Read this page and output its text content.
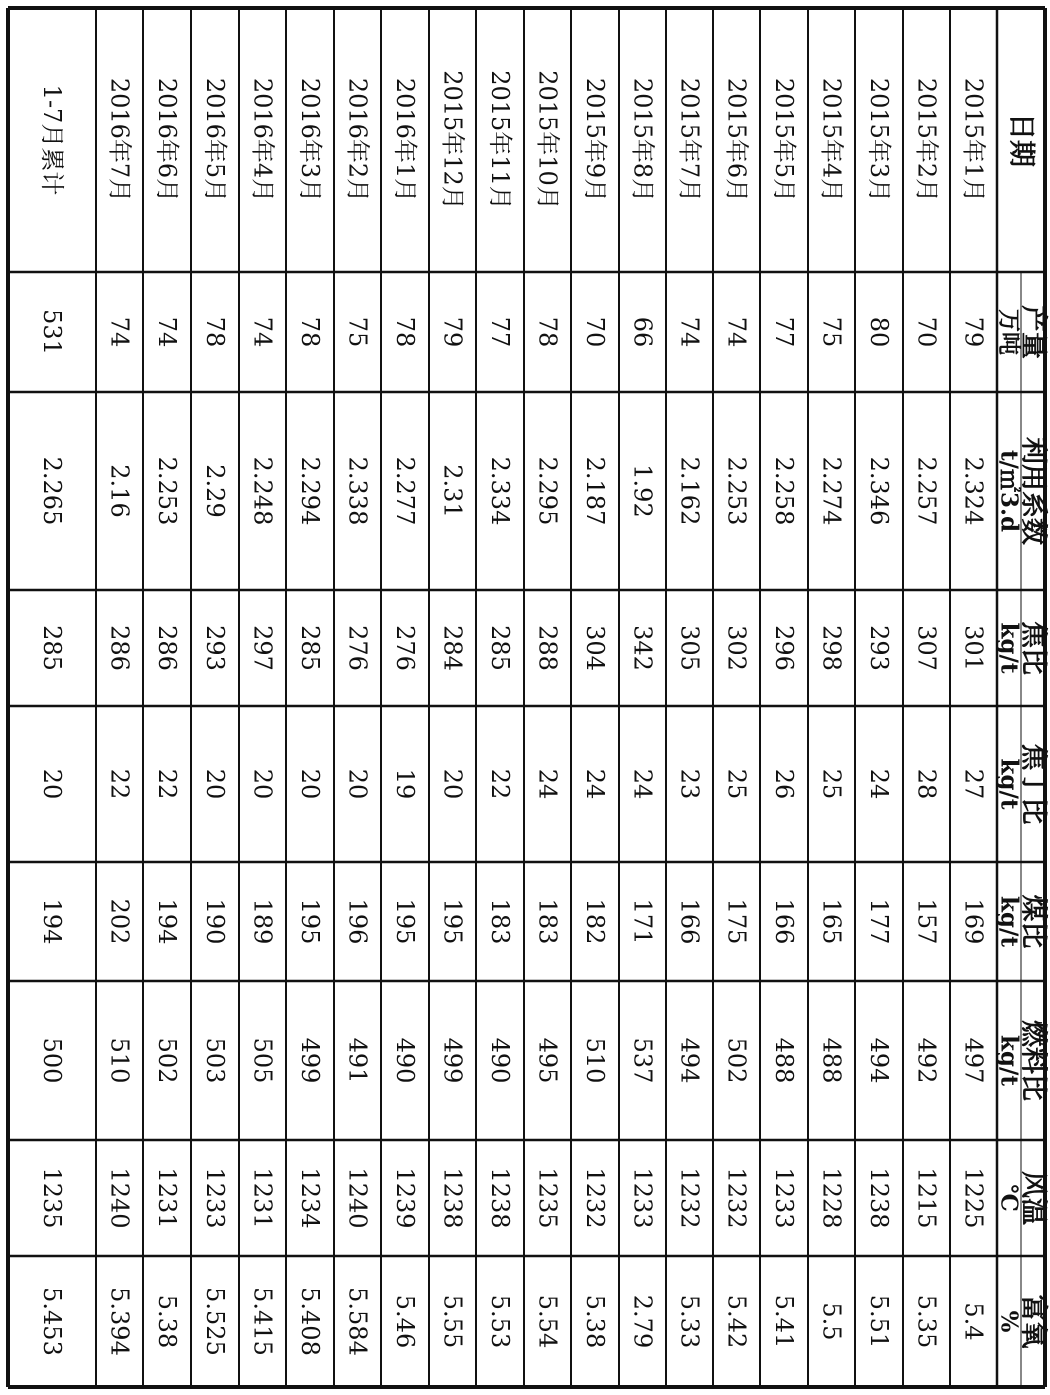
日期
产量
万吨
利用系数
t/㎡3.d
焦比
kg/t
焦丁比
kg/t
煤比
kg/t
燃料比
kg/t
风温
℃
富氧
%
2015年1月
79
2.324
301
27
169
497
1225
5.4
2015年2月
70
2.257
307
28
157
492
1215
5.35
2015年3月
80
2.346
293
24
177
494
1238
5.51
2015年4月
75
2.274
298
25
165
488
1228
5.5
2015年5月
77
2.258
296
26
166
488
1233
5.41
2015年6月
74
2.253
302
25
175
502
1232
5.42
2015年7月
74
2.162
305
23
166
494
1232
5.33
2015年8月
66
1.92
342
24
171
537
1233
2.79
2015年9月
70
2.187
304
24
182
510
1232
5.38
2015年10月
78
2.295
288
24
183
495
1235
5.54
2015年11月
77
2.334
285
22
183
490
1238
5.53
2015年12月
79
2.31
284
20
195
499
1238
5.55
2016年1月
78
2.277
276
19
195
490
1239
5.46
2016年2月
75
2.338
276
20
196
491
1240
5.584
2016年3月
78
2.294
285
20
195
499
1234
5.408
2016年4月
74
2.248
297
20
189
505
1231
5.415
2016年5月
78
2.29
293
20
190
503
1233
5.525
2016年6月
74
2.253
286
22
194
502
1231
5.38
2016年7月
74
2.16
286
22
202
510
1240
5.394
1-7月累计
531
2.265
285
20
194
500
1235
5.453
